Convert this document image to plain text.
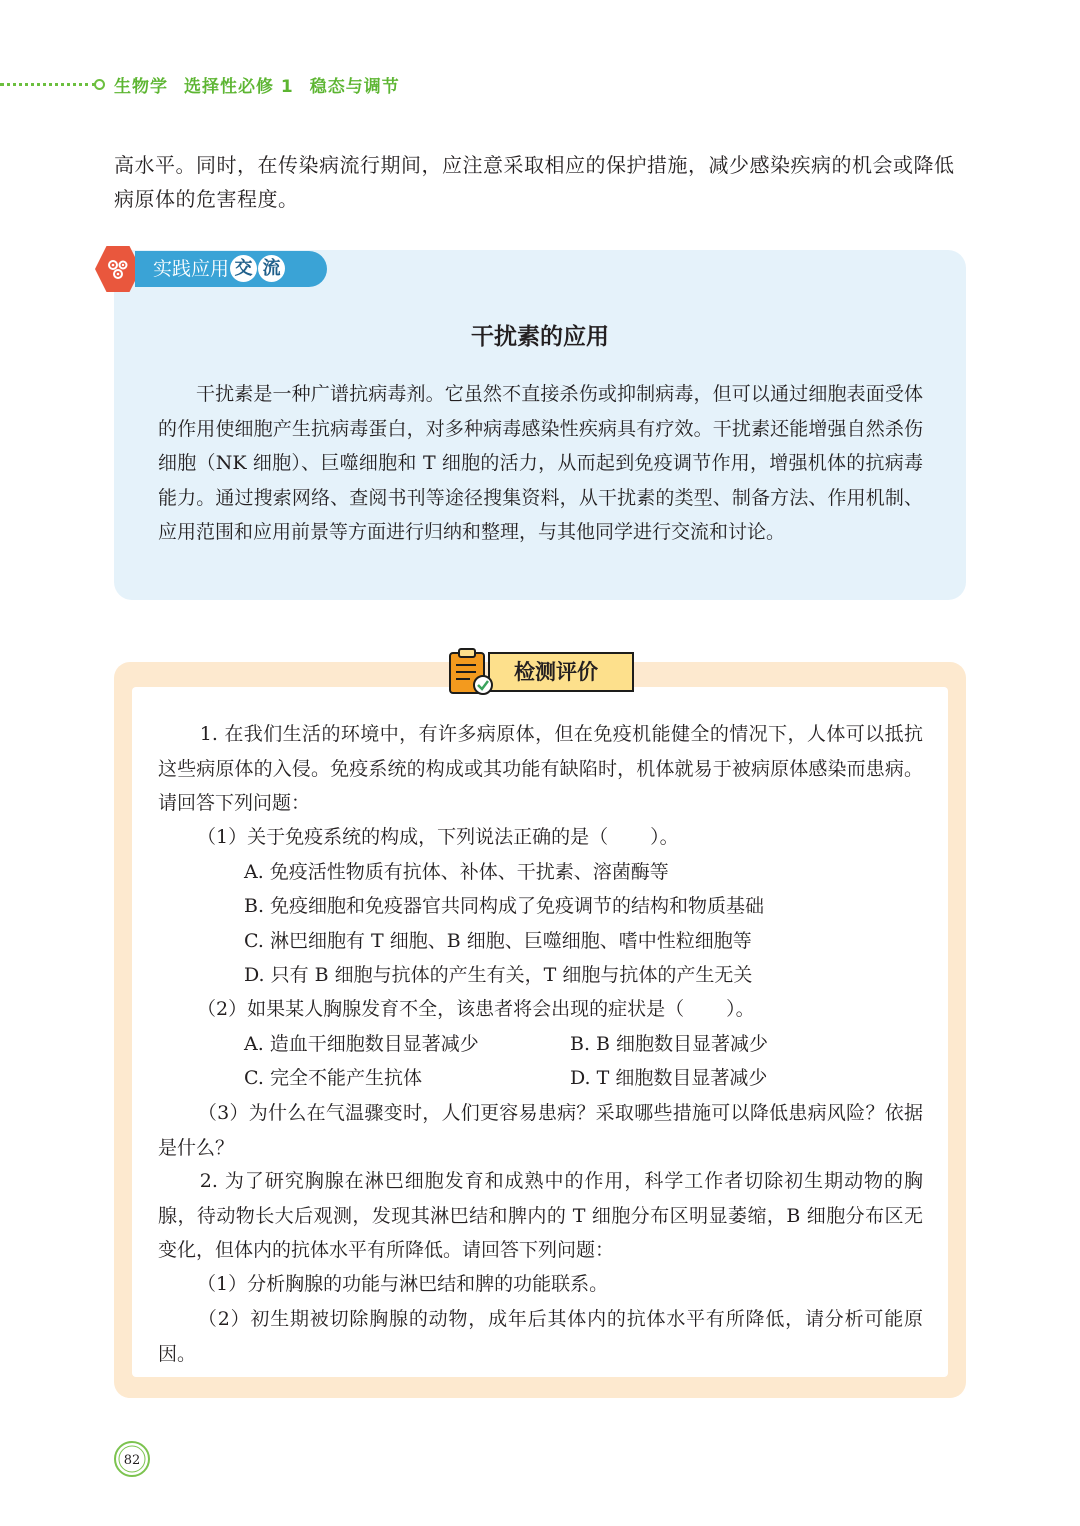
生物学 选择性必修 1 稳态与调节

高水平。同时，在传染病流行期间，应注意采取相应的保护措施，减少感染疾病的机会或降低病原体的危害程度。

实践应用 交 流
干扰素的应用

干扰素是一种广谱抗病毒剂。它虽然不直接杀伤或抑制病毒，但可以通过细胞表面受体的作用使细胞产生抗病毒蛋白，对多种病毒感染性疾病具有疗效。干扰素还能增强自然杀伤细胞（NK 细胞）、巨噬细胞和 T 细胞的活力，从而起到免疫调节作用，增强机体的抗病毒能力。通过搜索网络、查阅书刊等途径搜集资料，从干扰素的类型、制备方法、作用机制、应用范围和应用前景等方面进行归纳和整理，与其他同学进行交流和讨论。

检测评价

1. 在我们生活的环境中，有许多病原体，但在免疫机能健全的情况下，人体可以抵抗这些病原体的入侵。免疫系统的构成或其功能有缺陷时，机体就易于被病原体感染而患病。请回答下列问题：

（1）关于免疫系统的构成，下列说法正确的是（ ）。

A. 免疫活性物质有抗体、补体、干扰素、溶菌酶等

B. 免疫细胞和免疫器官共同构成了免疫调节的结构和物质基础

C. 淋巴细胞有 T 细胞、B 细胞、巨噬细胞、嗜中性粒细胞等

D. 只有 B 细胞与抗体的产生有关，T 细胞与抗体的产生无关

（2）如果某人胸腺发育不全，该患者将会出现的症状是（ ）。

A. 造血干细胞数目显著减少	B. B 细胞数目显著减少

C. 完全不能产生抗体	D. T 细胞数目显著减少

（3）为什么在气温骤变时，人们更容易患病？采取哪些措施可以降低患病风险？依据是什么？

2. 为了研究胸腺在淋巴细胞发育和成熟中的作用，科学工作者切除初生期动物的胸腺，待动物长大后观测，发现其淋巴结和脾内的 T 细胞分布区明显萎缩，B 细胞分布区无变化，但体内的抗体水平有所降低。请回答下列问题：

（1）分析胸腺的功能与淋巴结和脾的功能联系。

（2）初生期被切除胸腺的动物，成年后其体内的抗体水平有所降低，请分析可能原因。

82
